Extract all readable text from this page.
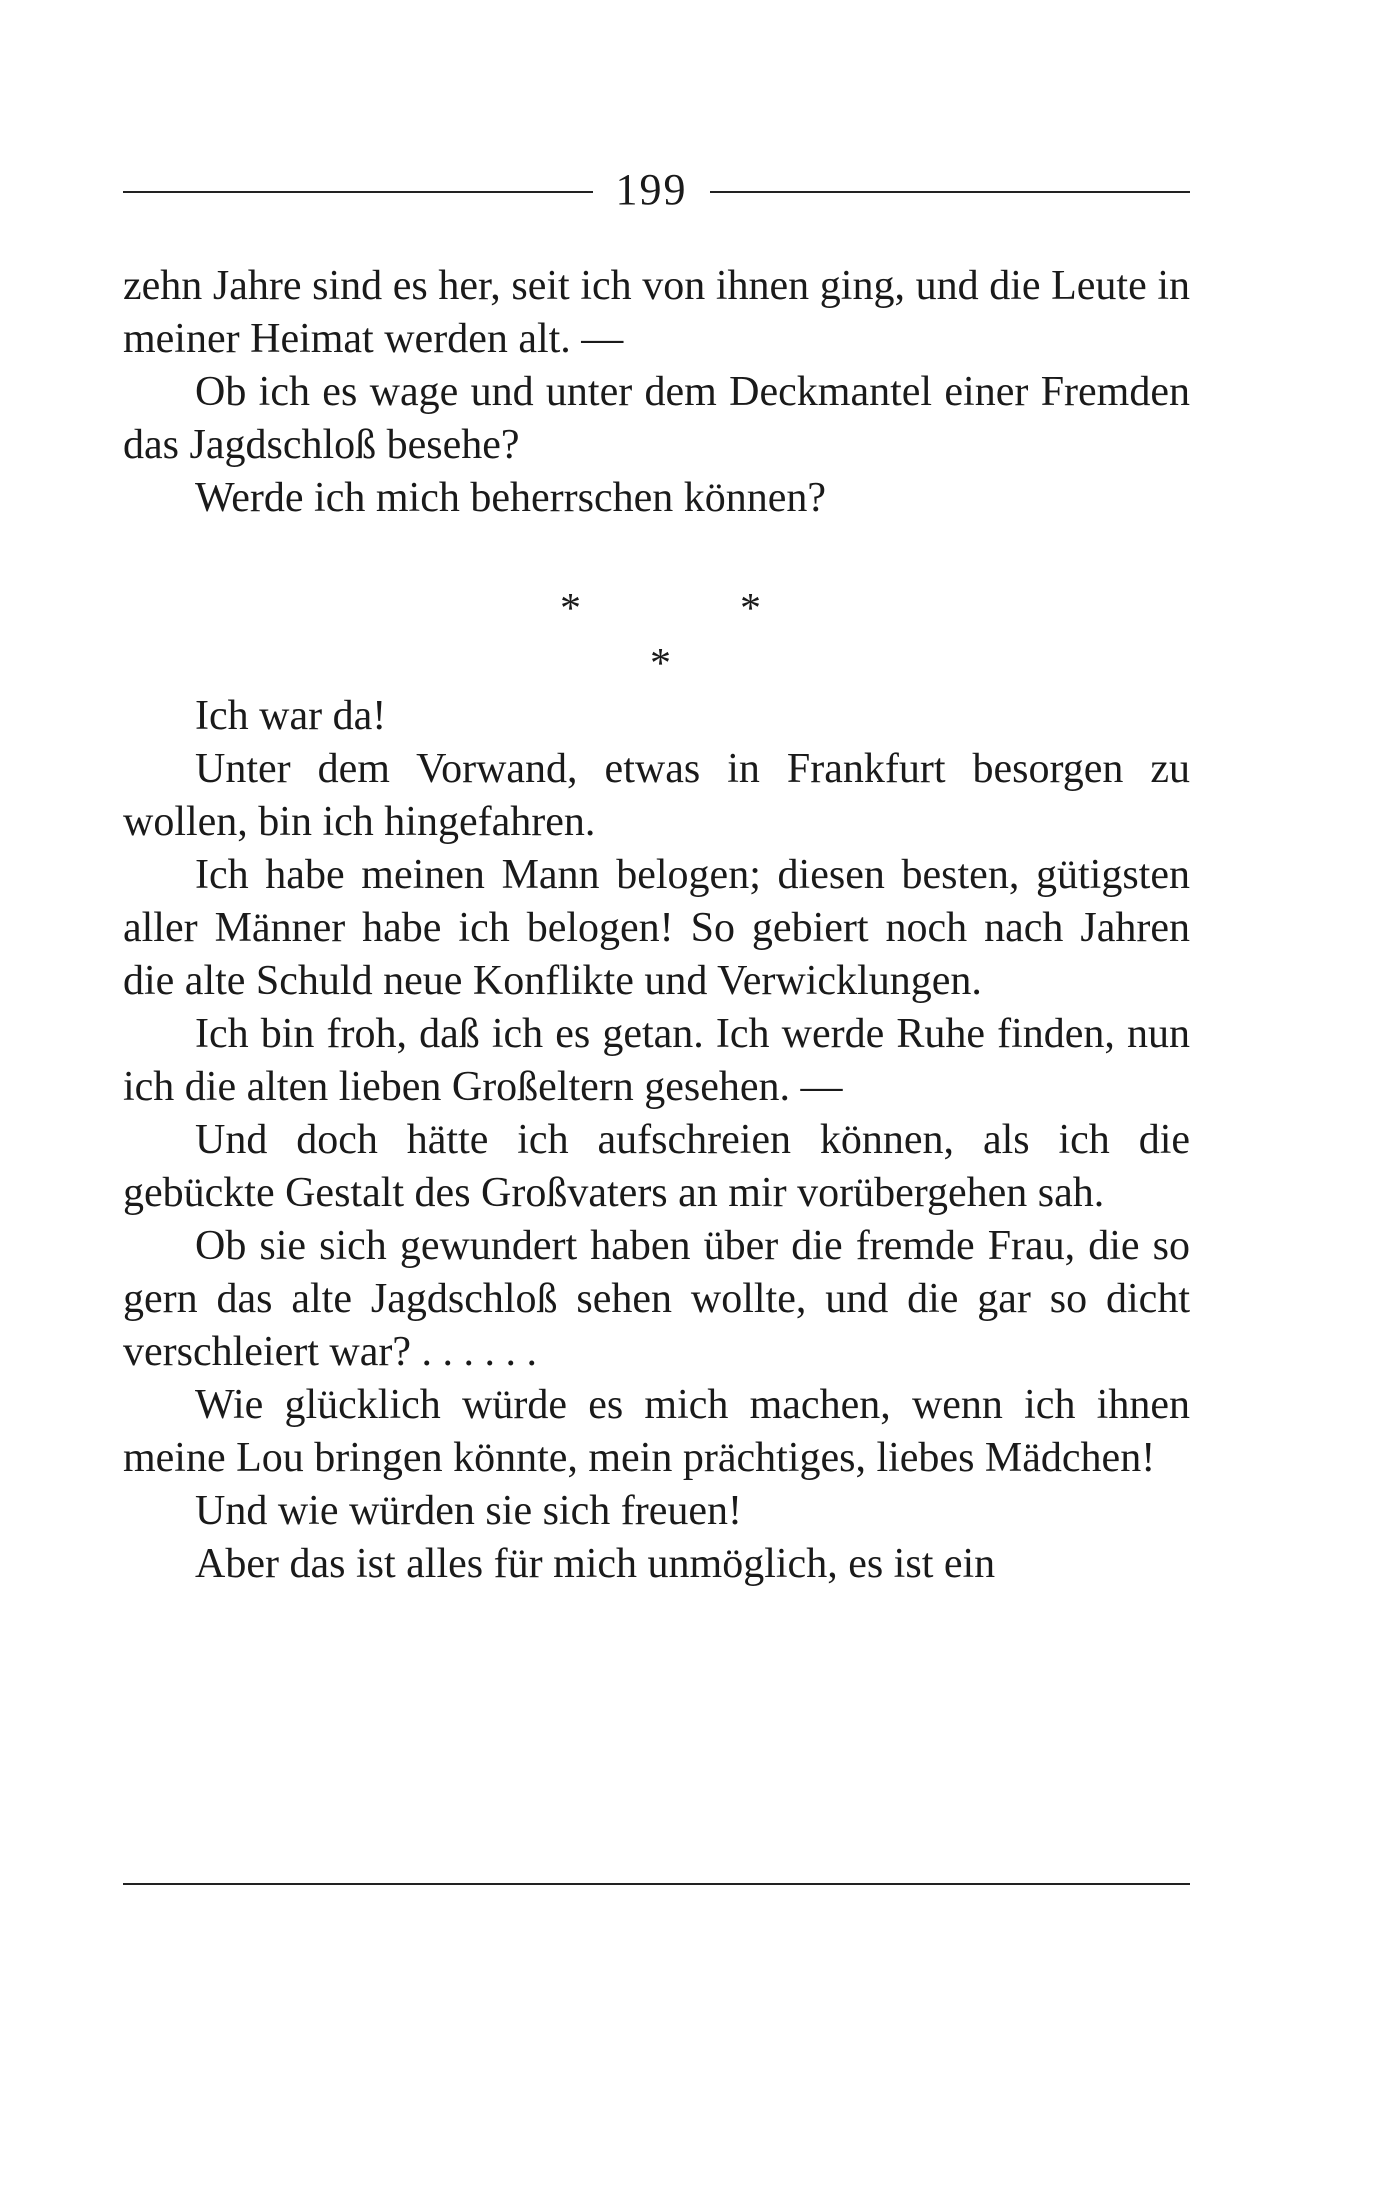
199

zehn Jahre sind es her, seit ich von ihnen ging, und die Leute in meiner Heimat werden alt. —

Ob ich es wage und unter dem Deckmantel einer Fremden das Jagdschloß besehe?

Werde ich mich beherrschen können?

*	*
*

Ich war da!

Unter dem Vorwand, etwas in Frankfurt besorgen zu wollen, bin ich hingefahren.

Ich habe meinen Mann belogen; diesen besten, gütigsten aller Männer habe ich belogen! So gebiert noch nach Jahren die alte Schuld neue Konflikte und Verwicklungen.

Ich bin froh, daß ich es getan. Ich werde Ruhe finden, nun ich die alten lieben Großeltern gesehen. —

Und doch hätte ich aufschreien können, als ich die gebückte Gestalt des Großvaters an mir vorübergehen sah.

Ob sie sich gewundert haben über die fremde Frau, die so gern das alte Jagdschloß sehen wollte, und die gar so dicht verschleiert war? . . . . . .

Wie glücklich würde es mich machen, wenn ich ihnen meine Lou bringen könnte, mein prächtiges, liebes Mädchen!

Und wie würden sie sich freuen!

Aber das ist alles für mich unmöglich, es ist ein
